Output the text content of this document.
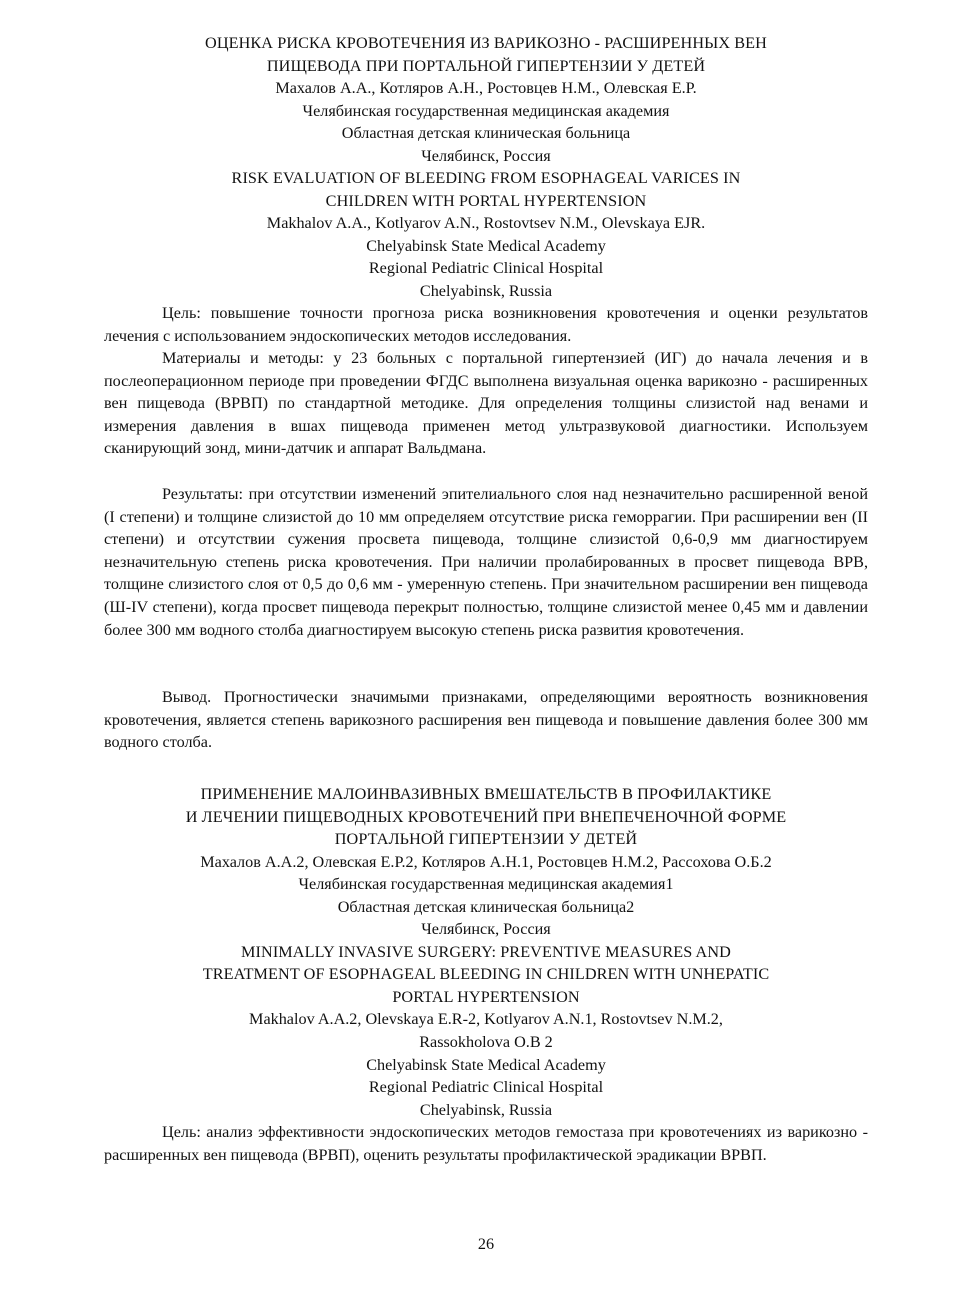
ОЦЕНКА РИСКА КРОВОТЕЧЕНИЯ ИЗ ВАРИКОЗНО - РАСШИРЕННЫХ ВЕН
ПИЩЕВОДА ПРИ ПОРТАЛЬНОЙ ГИПЕРТЕНЗИИ У ДЕТЕЙ
Махалов А.А., Котляров А.Н., Ростовцев Н.М., Олевская Е.Р.
Челябинская государственная медицинская академия
Областная детская клиническая больница
Челябинск, Россия
RISK EVALUATION OF BLEEDING FROM ESOPHAGEAL VARICES IN
CHILDREN WITH PORTAL HYPERTENSION
Makhalov A.A., Kotlyarov A.N., Rostovtsev N.M., Olevskaya EJR.
Chelyabinsk State Medical Academy
Regional Pediatric Clinical Hospital
Chelyabinsk, Russia
Цель: повышение точности прогноза риска возникновения кровотечения и оценки результатов лечения с использованием эндоскопических методов исследования.
Материалы и методы: у 23 больных с портальной гипертензией (ИГ) до начала лечения и в послеоперационном периоде при проведении ФГДС выполнена визуальная оценка варикозно - расширенных вен пищевода (ВРВП) по стандартной методике. Для определения толщины слизистой над венами и измерения давления в вшах пищевода применен метод ультразвуковой диагностики. Используем сканирующий зонд, мини-датчик и аппарат Вальдмана.
Результаты: при отсутствии изменений эпителиального слоя над незначительно расширенной веной (I степени) и толщине слизистой до 10 мм определяем отсутствие риска геморрагии. При расширении вен (II степени) и отсутствии сужения просвета пищевода, толщине слизистой 0,6-0,9 мм диагностируем незначительную степень риска кровотечения. При наличии пролабированных в просвет пищевода ВРВ, толщине слизистого слоя от 0,5 до 0,6 мм - умеренную степень. При значительном расширении вен пищевода (Ш-IV степени), когда просвет пищевода перекрыт полностью, толщине слизистой менее 0,45 мм и давлении более 300 мм водного столба диагностируем высокую степень риска развития кровотечения.
Вывод. Прогностически значимыми признаками, определяющими вероятность возникновения кровотечения, является степень варикозного расширения вен пищевода и повышение давления более 300 мм водного столба.
ПРИМЕНЕНИЕ МАЛОИНВАЗИВНЫХ ВМЕШАТЕЛЬСТВ В ПРОФИЛАКТИКЕ
И ЛЕЧЕНИИ ПИЩЕВОДНЫХ КРОВОТЕЧЕНИЙ ПРИ ВНЕПЕЧЕНОЧНОЙ ФОРМЕ
ПОРТАЛЬНОЙ ГИПЕРТЕНЗИИ У ДЕТЕЙ
Махалов А.А.2, Олевская Е.Р.2, Котляров А.Н.1, Ростовцев Н.М.2, Рассохова О.Б.2
Челябинская государственная медицинская академия1
Областная детская клиническая больница2
Челябинск, Россия
MINIMALLY INVASIVE SURGERY: PREVENTIVE MEASURES AND
TREATMENT OF ESOPHAGEAL BLEEDING IN CHILDREN WITH UNHEPATIC
PORTAL HYPERTENSION
Makhalov A.A.2, Olevskaya E.R-2, Kotlyarov A.N.1, Rostovtsev N.M.2,
Rassokholova O.B 2
Chelyabinsk State Medical Academy
Regional Pediatric Clinical Hospital
Chelyabinsk, Russia
Цель: анализ эффективности эндоскопических методов гемостаза при кровотечениях из варикозно - расширенных вен пищевода (ВРВП), оценить результаты профилактической эрадикации ВРВП.
26
